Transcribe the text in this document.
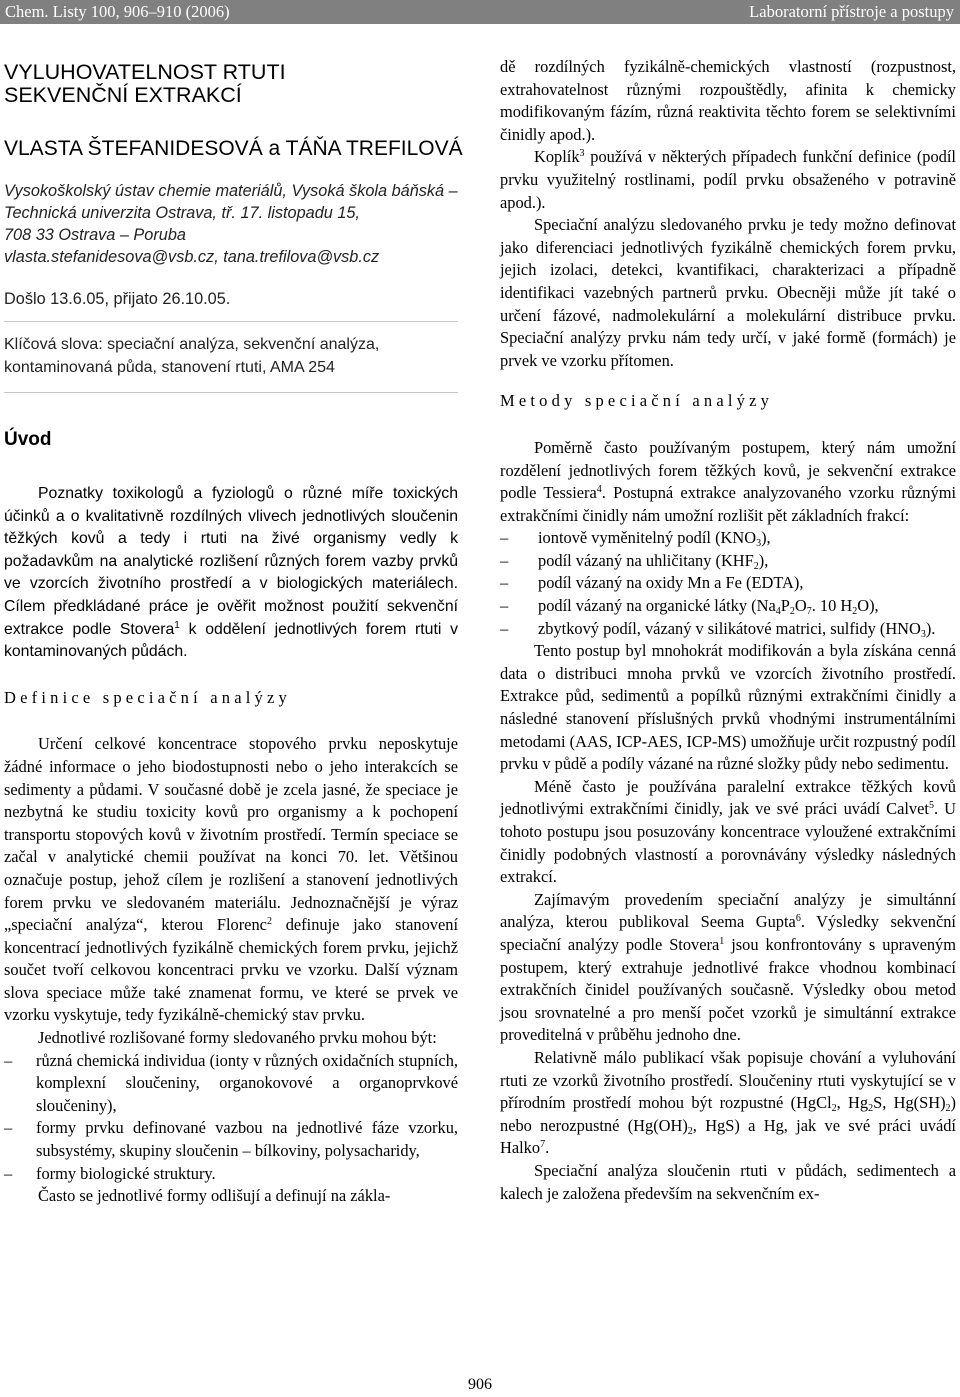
Chem. Listy 100, 906–910 (2006)	Laboratorní přístroje a postupy
VYLUHOVATELNOST RTUTI
SEKVENČNÍ EXTRAKCÍ
VLASTA ŠTEFANIDESOVÁ a TÁŇA TREFILOVÁ
Vysokoškolský ústav chemie materiálů, Vysoká škola báňská –
Technická univerzita Ostrava, tř. 17. listopadu 15,
708 33 Ostrava – Poruba
vlasta.stefanidesova@vsb.cz, tana.trefilova@vsb.cz
Došlo 13.6.05, přijato 26.10.05.
Klíčová slova: speciační analýza, sekvenční analýza,
kontaminovaná půda, stanovení rtuti, AMA 254
Úvod

Poznatky toxikologů a fyziologů o různé míře toxických účinků a o kvalitativně rozdílných vlivech jednotlivých sloučenin těžkých kovů a tedy i rtuti na živé organismy vedly k požadavkům na analytické rozlišení různých forem vazby prvků ve vzorcích životního prostředí a v biologických materiálech. Cílem předkládané práce je ověřit možnost použití sekvenční extrakce podle Stovera$^1$ k oddělení jednotlivých forem rtuti v kontaminovaných půdách.

Definice speciační analýzy

Určení celkové koncentrace stopového prvku neposkytuje žádné informace o jeho biodostupnosti nebo o jeho interakcích se sedimenty a půdami. V současné době je zcela jasné, že speciace je nezbytná ke studiu toxicity kovů pro organismy a k pochopení transportu stopových kovů v životním prostředí. Termín speciace se začal v analytické chemii používat na konci 70. let. Většinou označuje postup, jehož cílem je rozlišení a stanovení jednotlivých forem prvku ve sledovaném materiálu. Jednoznačnější je výraz „speciační analýza“, kterou Florenc$^2$ definuje jako stanovení koncentrací jednotlivých fyzikálně chemických forem prvku, jejichž součet tvoří celkovou koncentraci prvku ve vzorku. Další význam slova speciace může také znamenat formu, ve které se prvek ve vzorku vyskytuje, tedy fyzikálně-chemický stav prvku.

Jednotlivé rozlišované formy sledovaného prvku mohou být:

– různá chemická individua (ionty v různých oxidačních stupních, komplexní sloučeniny, organokovové a organoprvkové sloučeniny),
– formy prvku definované vazbou na jednotlivé fáze vzorku, subsystémy, skupiny sloučenin – bílkoviny, polysacharidy,
– formy biologické struktury.

Často se jednotlivé formy odlišují a definují na zákla-

dě rozdílných fyzikálně-chemických vlastností (rozpustnost, extrahovatelnost různými rozpouštědly, afinita k chemicky modifikovaným fázím, různá reaktivita těchto forem se selektivními činidly apod.).

Koplík$^3$ používá v některých případech funkční definice (podíl prvku využitelný rostlinami, podíl prvku obsaženého v potravině apod.).

Speciační analýzu sledovaného prvku je tedy možno definovat jako diferenciaci jednotlivých fyzikálně chemických forem prvku, jejich izolaci, detekci, kvantifikaci, charakterizaci a případně identifikaci vazebných partnerů prvku. Obecněji může jít také o určení fázové, nadmolekulární a molekulární distribuce prvku. Speciační analýzy prvku nám tedy určí, v jaké formě (formách) je prvek ve vzorku přítomen.

Metody speciační analýzy

Poměrně často používaným postupem, který nám umožní rozdělení jednotlivých forem těžkých kovů, je sekvenční extrakce podle Tessiera$^4$. Postupná extrakce analyzovaného vzorku různými extrakčními činidly nám umožní rozlišit pět základních frakcí:

– iontově vyměnitelný podíl $(KNO_3)$,
– podíl vázaný na uhličitany $(KHF_2)$,
– podíl vázaný na oxidy Mn a Fe (EDTA),
– podíl vázaný na organické látky ($Na_4P_2O_7$. 10 $H_2O$),
– zbytkový podíl, vázaný v silikátové matrici, sulfidy $(HNO_3)$.

Tento postup byl mnohokrát modifikován a byla získána cenná data o distribuci mnoha prvků ve vzorcích životního prostředí. Extrakce půd, sedimentů a popílků různými extrakčními činidly a následné stanovení příslušných prvků vhodnými instrumentálními metodami (AAS, ICP-AES, ICP-MS) umožňuje určit rozpustný podíl prvku v půdě a podíly vázané na různé složky půdy nebo sedimentu.

Méně často je používána paralelní extrakce těžkých kovů jednotlivými extrakčními činidly, jak ve své práci uvádí Calvet$^5$. U tohoto postupu jsou posuzovány koncentrace vyloužené extrakčními činidly podobných vlastností a porovnávány výsledky následných extrakcí.

Zajímavým provedením speciační analýzy je simultánní analýza, kterou publikoval Seema Gupta$^6$. Výsledky sekvenční speciační analýzy podle Stovera$^1$ jsou konfrontovány s upraveným postupem, který extrahuje jednotlivé frakce vhodnou kombinací extrakčních činidel používaných současně. Výsledky obou metod jsou srovnatelné a pro menší počet vzorků je simultánní extrakce proveditelná v průběhu jednoho dne.

Relativně málo publikací však popisuje chování a vyluhování rtuti ze vzorků životního prostředí. Sloučeniny rtuti vyskytující se v přírodním prostředí mohou být rozpustné (HgCl$_2$, $Hg_2S$, $Hg(SH)_2$) nebo nerozpustné ($Hg(OH)_2$, HgS) a Hg, jak ve své práci uvádí Halko$^7$.

Speciační analýza sloučenin rtuti v půdách, sedimentech a kalech je založena především na sekvenčním ex-

906
